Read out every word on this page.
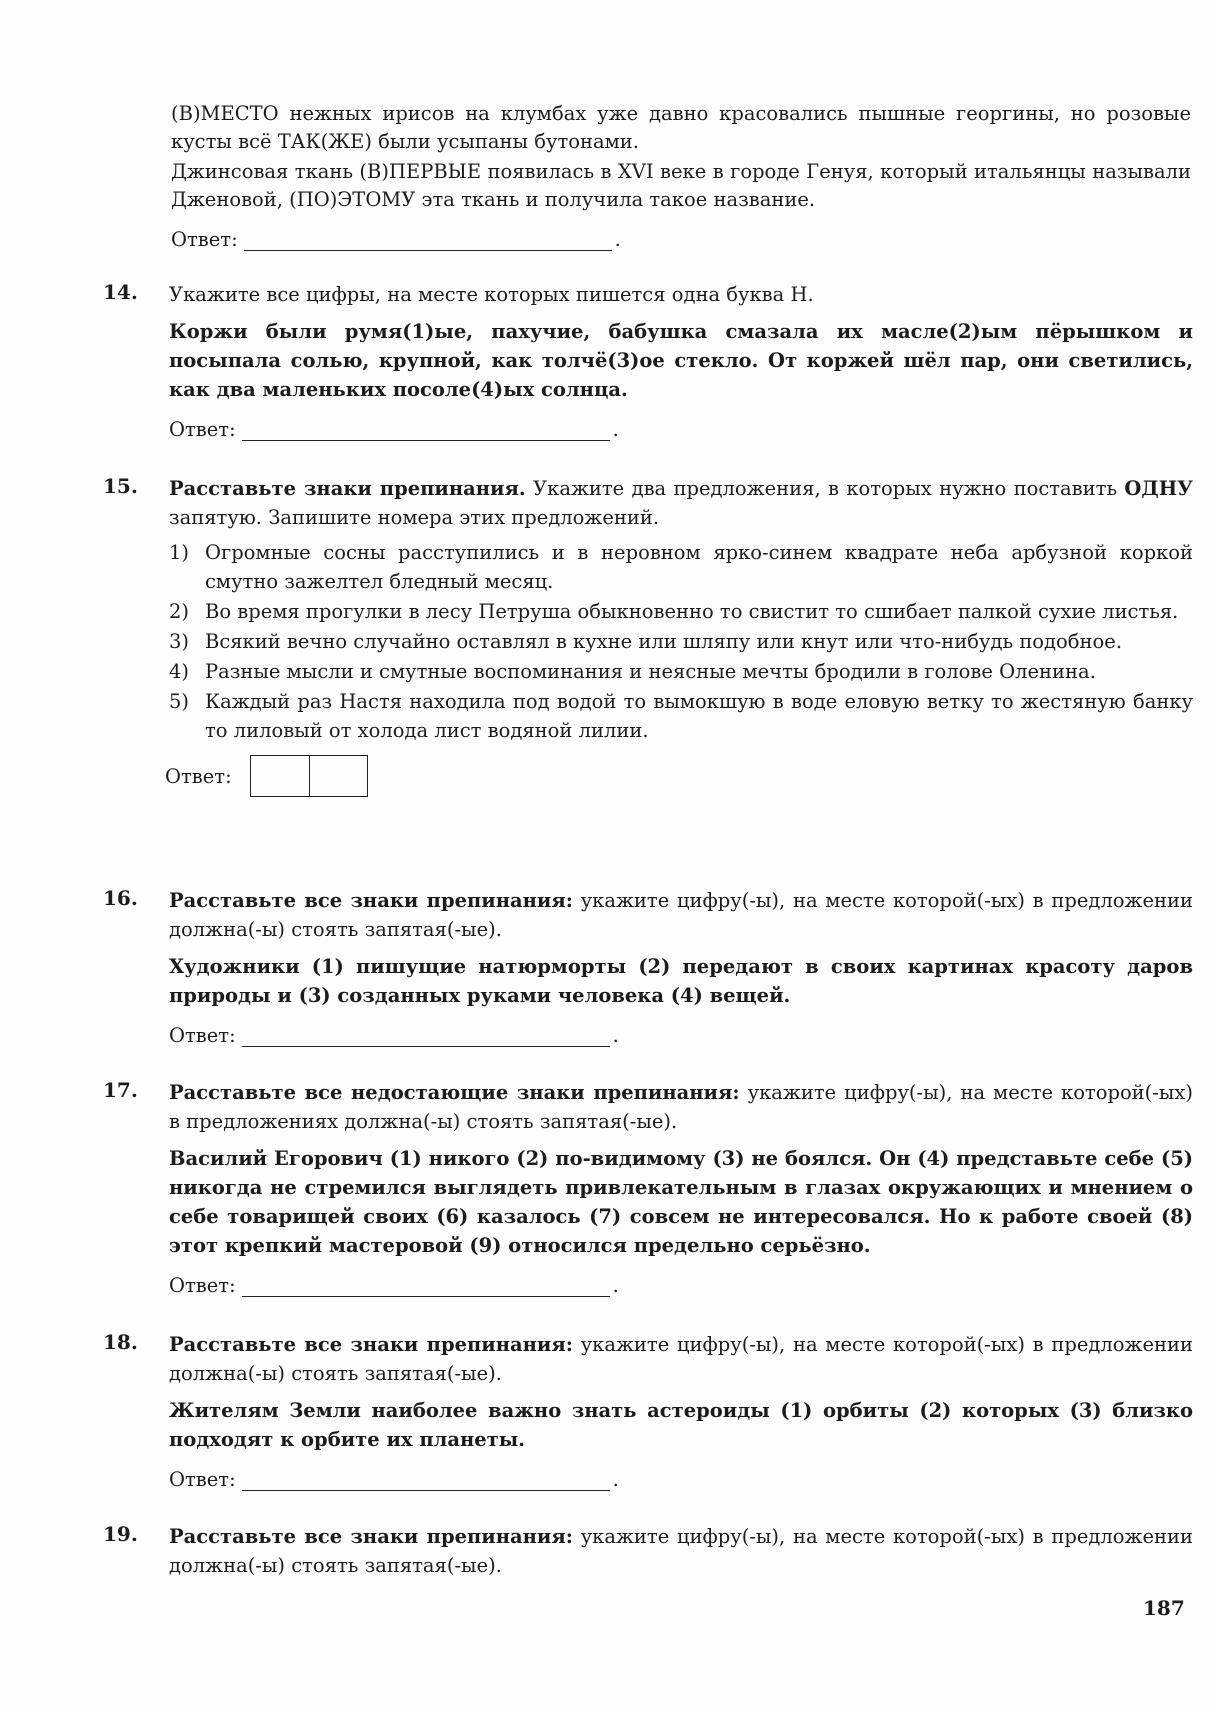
(В)МЕСТО нежных ирисов на клумбах уже давно красовались пышные георгины, но розовые кусты всё ТАК(ЖЕ) были усыпаны бутонами.

Джинсовая ткань (В)ПЕРВЫЕ появилась в XVI веке в городе Генуя, который итальянцы называли Дженовой, (ПО)ЭТОМУ эта ткань и получила такое название.

Ответ:	.
14. Укажите все цифры, на месте которых пишется одна буква Н.

Коржи были румя(1)ые, пахучие, бабушка смазала их масле(2)ым пёрышком и посыпала солью, крупной, как толчё(3)ое стекло. От коржей шёл пар, они светились, как два маленьких посоле(4)ых солнца.

Ответ:	.
15. Расставьте знаки препинания. Укажите два предложения, в которых нужно поставить ОДНУ запятую. Запишите номера этих предложений.

1) Огромные сосны расступились и в неровном ярко-синем квадрате неба арбузной коркой смутно зажелтел бледный месяц.
2) Во время прогулки в лесу Петруша обыкновенно то свистит то сшибает палкой сухие листья.
3) Всякий вечно случайно оставлял в кухне или шляпу или кнут или что-нибудь подобное.
4) Разные мысли и смутные воспоминания и неясные мечты бродили в голове Оленина.
5) Каждый раз Настя находила под водой то вымокшую в воде еловую ветку то жестяную банку то лиловый от холода лист водяной лилии.
Ответ:
16. Расставьте все знаки препинания: укажите цифру(-ы), на месте которой(-ых) в предложении должна(-ы) стоять запятая(-ые).

Художники (1) пишущие натюрморты (2) передают в своих картинах красоту даров природы и (3) созданных руками человека (4) вещей.

Ответ:	.
17. Расставьте все недостающие знаки препинания: укажите цифру(-ы), на месте которой(-ых) в предложениях должна(-ы) стоять запятая(-ые).

Василий Егорович (1) никого (2) по-видимому (3) не боялся. Он (4) представьте себе (5) никогда не стремился выглядеть привлекательным в глазах окружающих и мнением о себе товарищей своих (6) казалось (7) совсем не интересовался. Но к работе своей (8) этот крепкий мастеровой (9) относился предельно серьёзно.

Ответ:	.
18. Расставьте все знаки препинания: укажите цифру(-ы), на месте которой(-ых) в предложении должна(-ы) стоять запятая(-ые).

Жителям Земли наиболее важно знать астероиды (1) орбиты (2) которых (3) близко подходят к орбите их планеты.

Ответ:	.
19. Расставьте все знаки препинания: укажите цифру(-ы), на месте которой(-ых) в предложении должна(-ы) стоять запятая(-ые).

187
